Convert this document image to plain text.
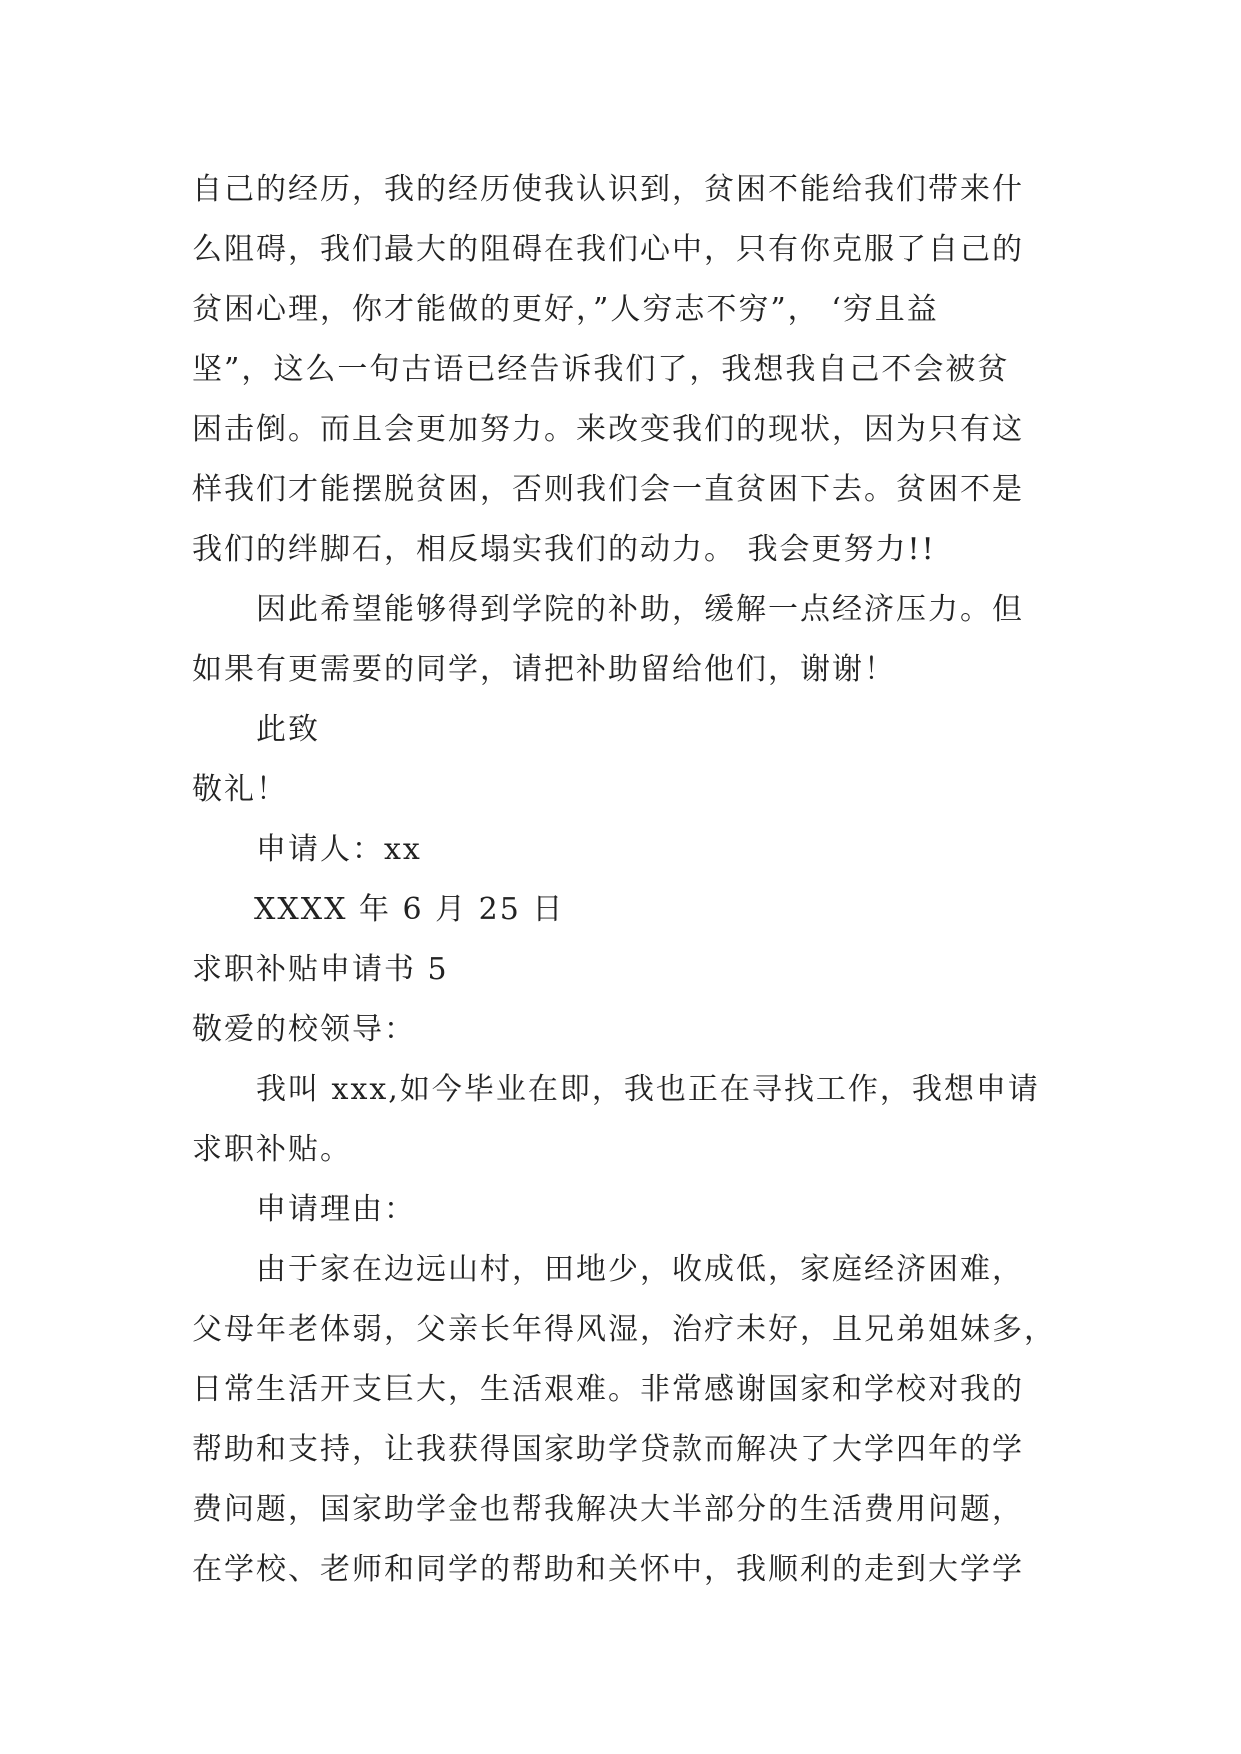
自己的经历，我的经历使我认识到，贫困不能给我们带来什
么阻碍，我们最大的阻碍在我们心中，只有你克服了自己的
贫困心理，你才能做的更好，”人穷志不穷”， ‘穷且益
坚”，这么一句古语已经告诉我们了，我想我自己不会被贫
困击倒。而且会更加努力。来改变我们的现状，因为只有这
样我们才能摆脱贫困，否则我们会一直贫困下去。贫困不是
我们的绊脚石，相反塌实我们的动力。 我会更努力!!
因此希望能够得到学院的补助，缓解一点经济压力。但
如果有更需要的同学，请把补助留给他们，谢谢！
此致
敬礼！
申请人：xx
XXXX 年 6 月 25 日
求职补贴申请书 5
敬爱的校领导：
我叫 xxx,如今毕业在即，我也正在寻找工作，我想申请
求职补贴。
申请理由：
由于家在边远山村，田地少，收成低，家庭经济困难，
父母年老体弱，父亲长年得风湿，治疗未好，且兄弟姐妹多，
日常生活开支巨大，生活艰难。非常感谢国家和学校对我的
帮助和支持，让我获得国家助学贷款而解决了大学四年的学
费问题，国家助学金也帮我解决大半部分的生活费用问题，
在学校、老师和同学的帮助和关怀中，我顺利的走到大学学
